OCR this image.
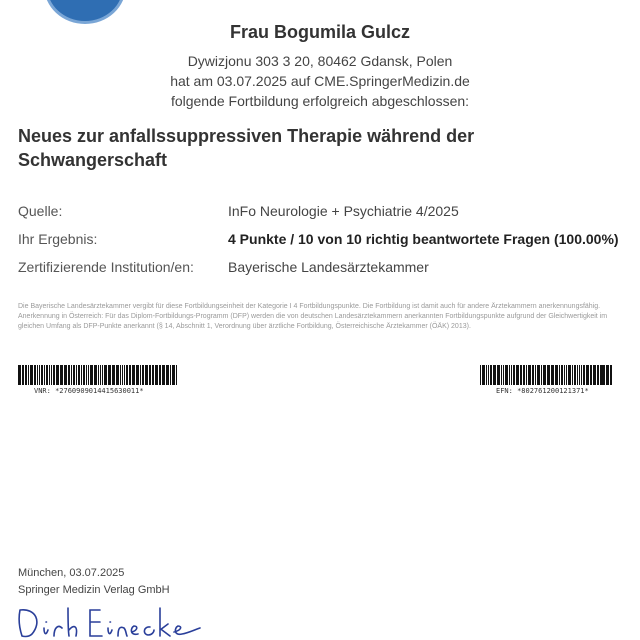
Frau Bogumila Gulcz
Dywizjonu 303 3 20, 80462 Gdansk, Polen
hat am 03.07.2025 auf CME.SpringerMedizin.de
folgende Fortbildung erfolgreich abgeschlossen:
Neues zur anfallssuppressiven Therapie während der Schwangerschaft
Quelle:	InFo Neurologie + Psychiatrie 4/2025
Ihr Ergebnis:	4 Punkte / 10 von 10 richtig beantwortete Fragen (100.00%)
Zertifizierende Institution/en: Bayerische Landesärztekammer
Die Bayerische Landesärztekammer vergibt für diese Fortbildungseinheit der Kategorie I 4 Fortbildungspunkte. Die Fortbildung ist damit auch für andere Ärztekammern anerkennungsfähig. Anerkennung in Österreich: Für das Diplom-Fortbildungs-Programm (DFP) werden die von deutschen Landesärztekammern anerkannten Fortbildungspunkte aufgrund der Gleichwertigkeit im gleichen Umfang als DFP-Punkte anerkannt (§ 14, Abschnitt 1, Verordnung über ärztliche Fortbildung, Österreichische Ärztekammer (ÖÄK) 2013).
VNR: *2760909014415630011*	EFN: *802761200121371*
München, 03.07.2025
Springer Medizin Verlag GmbH
